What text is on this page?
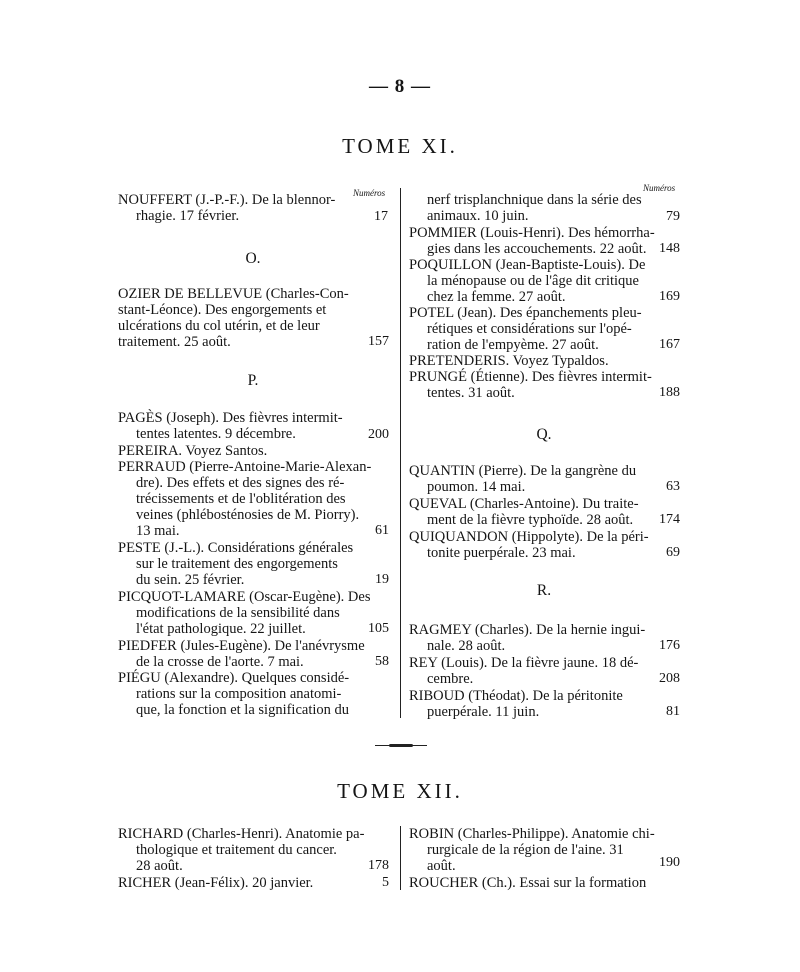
— 8 —
TOME XI.
Numéros	Numéros
NOUFFERT (J.-P.-F.). De la blennor-
rhagie. 17 février.	17
O.
OZIER DE BELLEVUE (Charles-Con-
stant-Léonce). Des engorgements et
ulcérations du col utérin, et de leur
traitement. 25 août.	157
P.
PAGÈS (Joseph). Des fièvres intermit-
tentes latentes. 9 décembre.	200
PEREIRA. Voyez Santos.
PERRAUD (Pierre-Antoine-Marie-Alexan-
dre). Des effets et des signes des ré-
trécissements et de l'oblitération des
veines (phlébosténosies de M. Piorry).
13 mai.	61
PESTE (J.-L.). Considérations générales
sur le traitement des engorgements
du sein. 25 février.	19
PICQUOT-LAMARE (Oscar-Eugène). Des
modifications de la sensibilité dans
l'état pathologique. 22 juillet.	105
PIEDFER (Jules-Eugène). De l'anévrysme
de la crosse de l'aorte. 7 mai.	58
PIÉGU (Alexandre). Quelques considé-
rations sur la composition anatomi-
que, la fonction et la signification du
nerf trisplanchnique dans la série des
animaux. 10 juin.	79
POMMIER (Louis-Henri). Des hémorrha-
gies dans les accouchements. 22 août. 148
POQUILLON (Jean-Baptiste-Louis). De
la ménopause ou de l'âge dit critique
chez la femme. 27 août.	169
POTEL (Jean). Des épanchements pleu-
rétiques et considérations sur l'opé-
ration de l'empyème. 27 août.	167
PRETENDERIS. Voyez Typaldos.
PRUNGÉ (Étienne). Des fièvres intermit-
tentes. 31 août.	188
Q.
QUANTIN (Pierre). De la gangrène du
poumon. 14 mai.	63
QUEVAL (Charles-Antoine). Du traite-
ment de la fièvre typhoïde. 28 août.	174
QUIQUANDON (Hippolyte). De la péri-
tonite puerpérale. 23 mai.	69
R.
RAGMEY (Charles). De la hernie ingui-
nale. 28 août.	176
REY (Louis). De la fièvre jaune. 18 dé-
cembre.	208
RIBOUD (Théodat). De la péritonite
puerpérale. 11 juin.	81
TOME XII.
RICHARD (Charles-Henri). Anatomie pa-
thologique et traitement du cancer.
28 août.	178
RICHER (Jean-Félix). 20 janvier.	5
ROBIN (Charles-Philippe). Anatomie chi-
rurgicale de la région de l'aine. 31
août.	190
ROUCHER (Ch.). Essai sur la formation
